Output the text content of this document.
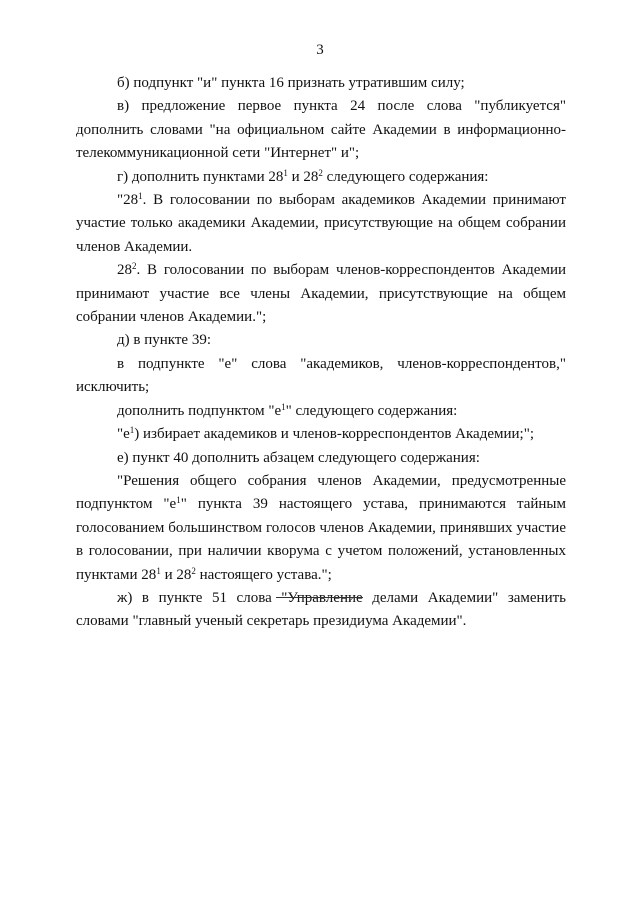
3

б) подпункт "и" пункта 16 признать утратившим силу;

в) предложение первое пункта 24 после слова "публикуется" дополнить словами "на официальном сайте Академии в информационно-телекоммуникационной сети "Интернет" и";

г) дополнить пунктами $28^1$ и $28^2$ следующего содержания:

"$28^1$. В голосовании по выборам академиков Академии принимают участие только академики Академии, присутствующие на общем собрании членов Академии.

$28^2$. В голосовании по выборам членов-корреспондентов Академии принимают участие все члены Академии, присутствующие на общем собрании членов Академии.";

д) в пункте 39:

в подпункте "е" слова "академиков, членов-корреспондентов," исключить;

дополнить подпунктом "$е^1$" следующего содержания:

"$е^1$) избирает академиков и членов-корреспондентов Академии;";

е) пункт 40 дополнить абзацем следующего содержания:

"Решения общего собрания членов Академии, предусмотренные подпунктом "$е^1$" пункта 39 настоящего устава, принимаются тайным голосованием большинством голосов членов Академии, принявших участие в голосовании, при наличии кворума с учетом положений, установленных пунктами $28^1$ и $28^2$ настоящего устава.";

ж) в пункте 51 слова "Управление делами Академии" заменить словами "главный ученый секретарь президиума Академии".
